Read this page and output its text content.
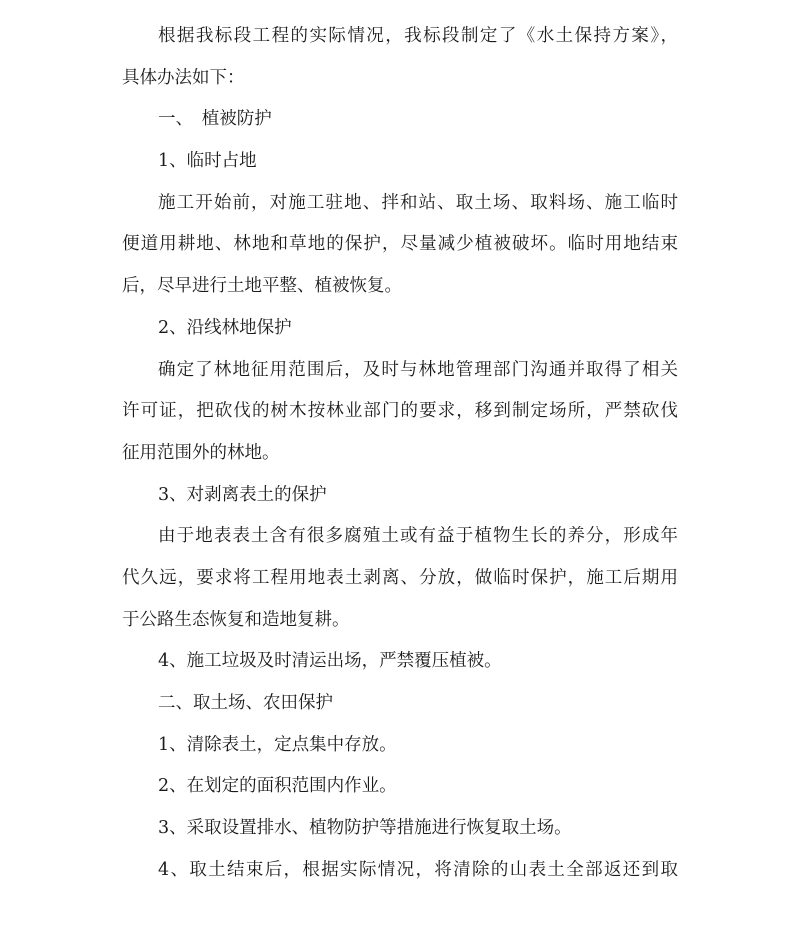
根据我标段工程的实际情况，我标段制定了《水土保持方案》，
具体办法如下：
一、　植被防护
1、临时占地
施工开始前，对施工驻地、拌和站、取土场、取料场、施工临时
便道用耕地、林地和草地的保护，尽量减少植被破坏。临时用地结束
后，尽早进行土地平整、植被恢复。
2、沿线林地保护
确定了林地征用范围后，及时与林地管理部门沟通并取得了相关
许可证，把砍伐的树木按林业部门的要求，移到制定场所，严禁砍伐
征用范围外的林地。
3、对剥离表土的保护
由于地表表土含有很多腐殖土或有益于植物生长的养分，形成年
代久远，要求将工程用地表土剥离、分放，做临时保护，施工后期用
于公路生态恢复和造地复耕。
4、施工垃圾及时清运出场，严禁覆压植被。
二、取土场、农田保护
1、清除表土，定点集中存放。
2、在划定的面积范围内作业。
3、采取设置排水、植物防护等措施进行恢复取土场。
4、取土结束后，根据实际情况，将清除的山表土全部返还到取
